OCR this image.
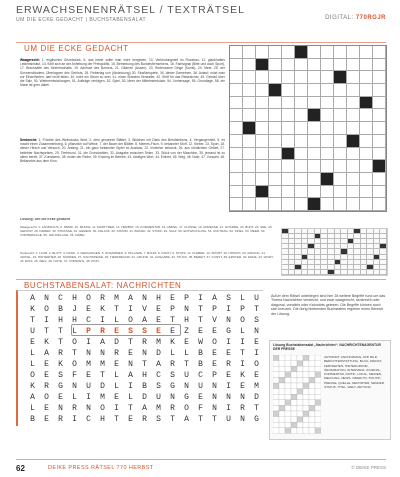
ERWACHSENENRÄTSEL / TEXTRÄTSEL
UM DIE ECKE GEDACHT | BUCHSTABENSALAT	DIGITAL: 770RGJR
UM DIE ECKE GEDACHT
Waagerecht: 1. englisches Grundstück, 6. das letzte sollte man nicht hergeben, 10. Verbindungsteil im Flussbau, 11. glaubhaftes Leidensinsitut, 14. fühlt sich an der Anhebung der Preispolitik, 15. Bemerkung des Bundesfernsehens, 16. Farbsignal (Bitte und auch Sport), 17. Brachsafte des Seeinfrauhalts, 19. Adresse des Bohrers, 21. Gitarren (Ausen). 23. Redensame Dinge (Kunst), 24. Meer, 25. der Sonnenständers, Überlappen des Gerüsts, 28. Fiebertag von (Abdeckung) 30. Straßenspiele, 34. dieser Gemeinen, 36. Anlauf; nutzt man zur Einzelheiten; darf nicht fallen, 40. nicht ein Strom zu sein, 41. einen Brandes Verwalter, 42. Stoff für das Reisesicher, 49. Gemaß über die Salz, 50. Weiterentwicklungen, 51. Aufträge verfolgen, 52. Spiel, 53. Meer der Mittelmeerküste, 54. Vorhersage, 55. Grundlage, 56. ein Mann ist gern dabei.
Senkrecht: 1. Früchte des Weinstocks Wert, 2. dem genannte Blätter, 3. Bildchen mit Dank des Berufslebens, 4. Vergangenheit, 5. es macht einen Zusammenhang, 6. pflanzlich auf Weise, 7. der Baum der Blätter, 8. Meeres-Fisch, 9. bekannter Stoff, 12. Kleber, 13. Sport, 18. dieser Hirsch und Versuch, 20. Anfang, 21. ein ganz bekannter Gipfel im Ausland, 22. hinterher bekannt, 26. aus nördlichem Gebiet, 27. beliebter Nachspeisen, 29. Tierfreund, 31. die Grundzahlen, 32. Ausgabe zwischen Teilen, 33. Stück von der Maschine, 35. jemand ist zu allem bereit, 37. Kunstwerk, 38. erster der Reihe, 39. Endung im Betrieb, 43. häufiges Wort, 44. Einheit, 45. Weg, 46. Note, 47. Vorwahl, 48. Bekanntes aus dem Kino.
Lösung: Um die Ecke gedacht
Waagerecht: 1. LANDHAUS, 6. HEMD, 10. MUFFE, 11. MÄRTYRER, 14. HERBST, 15. KOMMENTAR, 16. AMPEL, 17. FLOSSE, 19. ADRESSE, 21. GITARRE, 23. BUNT, 24. SEE, 25. GERÜST, 28. FIEBER, 30. STRASSE, 34. GEMEIN, 36. ANLAUF, 40. STROM, 41. BRAND, 42. STOFF, 49. SALZ, 50. ENTWICKLUNG, 51. AUFTRAG, 52. SPIEL, 53. MEER, 54. VORHERSAGE, 55. GRUNDLAGE, 56. DABEI.
Senkrecht: 1. LAUB, 2. BLATT, 3. DANK, 4. VERGANGEN, 5. ZUSAMMEN, 6. PFLANZE, 7. BAUM, 8. FISCH, 9. STOFF, 12. KLEBER, 13. SPORT, 18. HIRSCH, 20. ANFANG, 21. GIPFEL, 22. HINTERHER, 26. NORDEN, 27. NACHSPEISE, 29. TIERFREUND, 31. GRUND, 32. AUSGABE, 33. STÜCK, 35. BEREIT, 37. KUNST, 38. ERSTER, 39. ENDE, 43. WORT, 44. EINS, 45. WEG, 46. NOTE, 47. VORWAHL, 48. KINO.
BUCHSTABENSALAT: NACHRICHTEN
A	N	C	H	O	R	M	A	N	H	E	P	I	A	S	L	U
K	O	B	J	E	K	T	I	V	E	P	N	T	P	I	P	T
T	I	H	H	C	I	L	O	A	E	T	H	T	V	N	O	S
U	T	T	L	P	R	E	S	S	E	E	Z	E	E	G	L	N
E	K	T	O	I	A	D	T	R	M	K	E	W	O	I	I	E
L	A	R	T	N	N	R	E	N	D	L	L	B	E	E	T	I
L	E	K	O	M	M	E	N	T	A	R	T	B	E	R	I	O
O	E	S	F	E	T	L	A	H	C	S	U	C	P	E	K	E
K	R	G	N	U	D	L	I	B	S	G	N	U	N	I	E	M
A	O	E	L	I	M	E	L	D	U	N	G	E	N	N	N	D
L	E	N	R	N	O	I	T	A	M	R	O	F	N	I	R	T
B	E	R	I	C	H	T	E	R	S	T	A	T	T	U	N	G
Außer dem Rätsel unterliegen sind hier 28 weitere Begriffe rund um das Thema Nachrichten versteckt, und zwar waagerecht, senkrecht oder diagonal, vorwärts oder rückwärts gelesen. Die Begriffe können auch sich kreuzen. Die übrig bleibenden Buchstaben ergeben einen Bereich der Lösung.
Lösung Buchstabensalat „Nachrichten“: NACHRICHTENAGENTUR DER PRESSE
ANTWORT, ANCHORMAN, APP, BILD, BERICHTERSTATTUNG, BLOG, DIENST, FERNSEHEN, HINTERGRUND, INFORMATION, INTERVIEW, JOURNAL, KOMMENTAR, KRITIK, LOKAL, MEDIEN, MELDUNG, NEWS, OBJEKTIV, POLITIK, PRESSE, QUELLE, REPORTER, SENDER, STATUS, TITEL, WELT, ZEITUNG
62	DEIKE PRESS RÄTSEL 770 HERBST	© DEIKE PRESS
